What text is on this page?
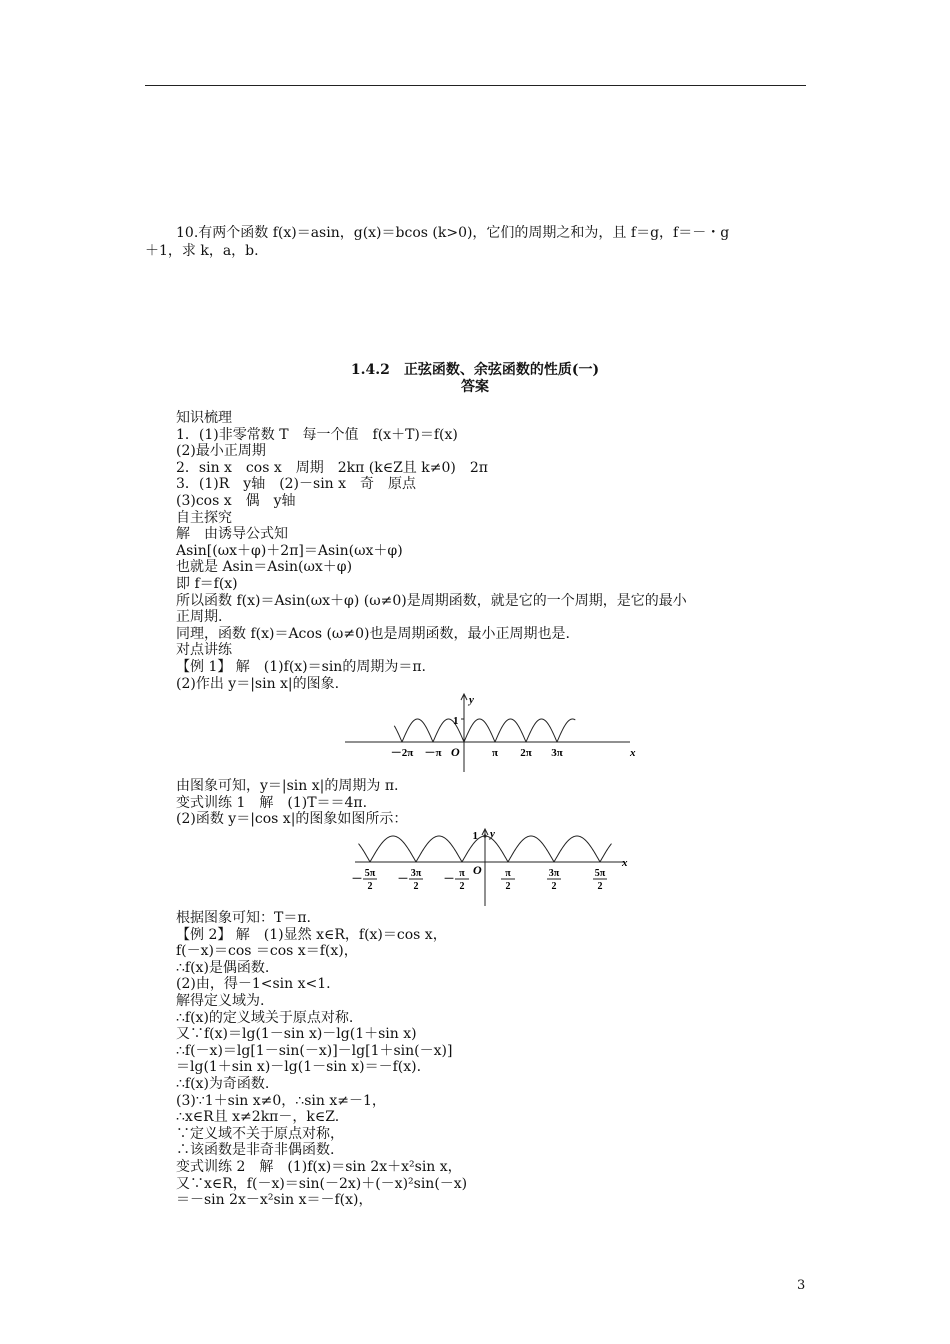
10.有两个函数 f(x)＝asin，g(x)＝bcos (k>0)，它们的周期之和为，且 f＝g，f＝－・g
＋1，求 k，a，b.
1.4.2　正弦函数、余弦函数的性质(一)
答案
知识梳理
1．(1)非零常数 T　每一个值　f(x＋T)＝f(x)
(2)最小正周期
2．sin x　cos x　周期　2kπ (k∈Z且 k≠0)　2π
3．(1)R　y轴　(2)－sin x　奇　原点
(3)cos x　偶　y轴
自主探究
解　由诱导公式知
Asin[(ωx＋φ)＋2π]＝Asin(ωx＋φ)
也就是 Asin＝Asin(ωx＋φ)
即 f＝f(x)
所以函数 f(x)＝Asin(ωx＋φ) (ω≠0)是周期函数，就是它的一个周期，是它的最小
正周期.
同理，函数 f(x)＝Acos (ω≠0)也是周期函数，最小正周期也是.
对点讲练
【例 1】 解　(1)f(x)＝sin的周期为＝π.
(2)作出 y＝|sin x|的图象.
1
y
x
O
－2π －π	π 2π 3π
由图象可知，y＝|sin x|的周期为 π.
变式训练 1　解　(1)T＝＝4π.
(2)函数 y＝|cos x|的图象如图所示：
1 y
x
O
－ 5π
2
－ 3π
2
－ π
2
π
2
3π
2
5π
2
根据图象可知：T＝π.
【例 2】 解　(1)显然 x∈R，f(x)＝cos x，
f(－x)＝cos ＝cos x＝f(x)，
∴f(x)是偶函数.
(2)由，得－1<sin x<1.
解得定义域为.
∴f(x)的定义域关于原点对称.
又∵f(x)＝lg(1－sin x)－lg(1＋sin x)
∴f(－x)＝lg[1－sin(－x)]－lg[1＋sin(－x)]
＝lg(1＋sin x)－lg(1－sin x)＝－f(x).
∴f(x)为奇函数.
(3)∵1＋sin x≠0，∴sin x≠－1，
∴x∈R且 x≠2kπ－，k∈Z.
∵定义域不关于原点对称，
∴该函数是非奇非偶函数.
变式训练 2　解　(1)f(x)＝sin 2x＋x²sin x，
又∵x∈R，f(－x)＝sin(－2x)＋(－x)²sin(－x)
＝－sin 2x－x²sin x＝－f(x)，
3
